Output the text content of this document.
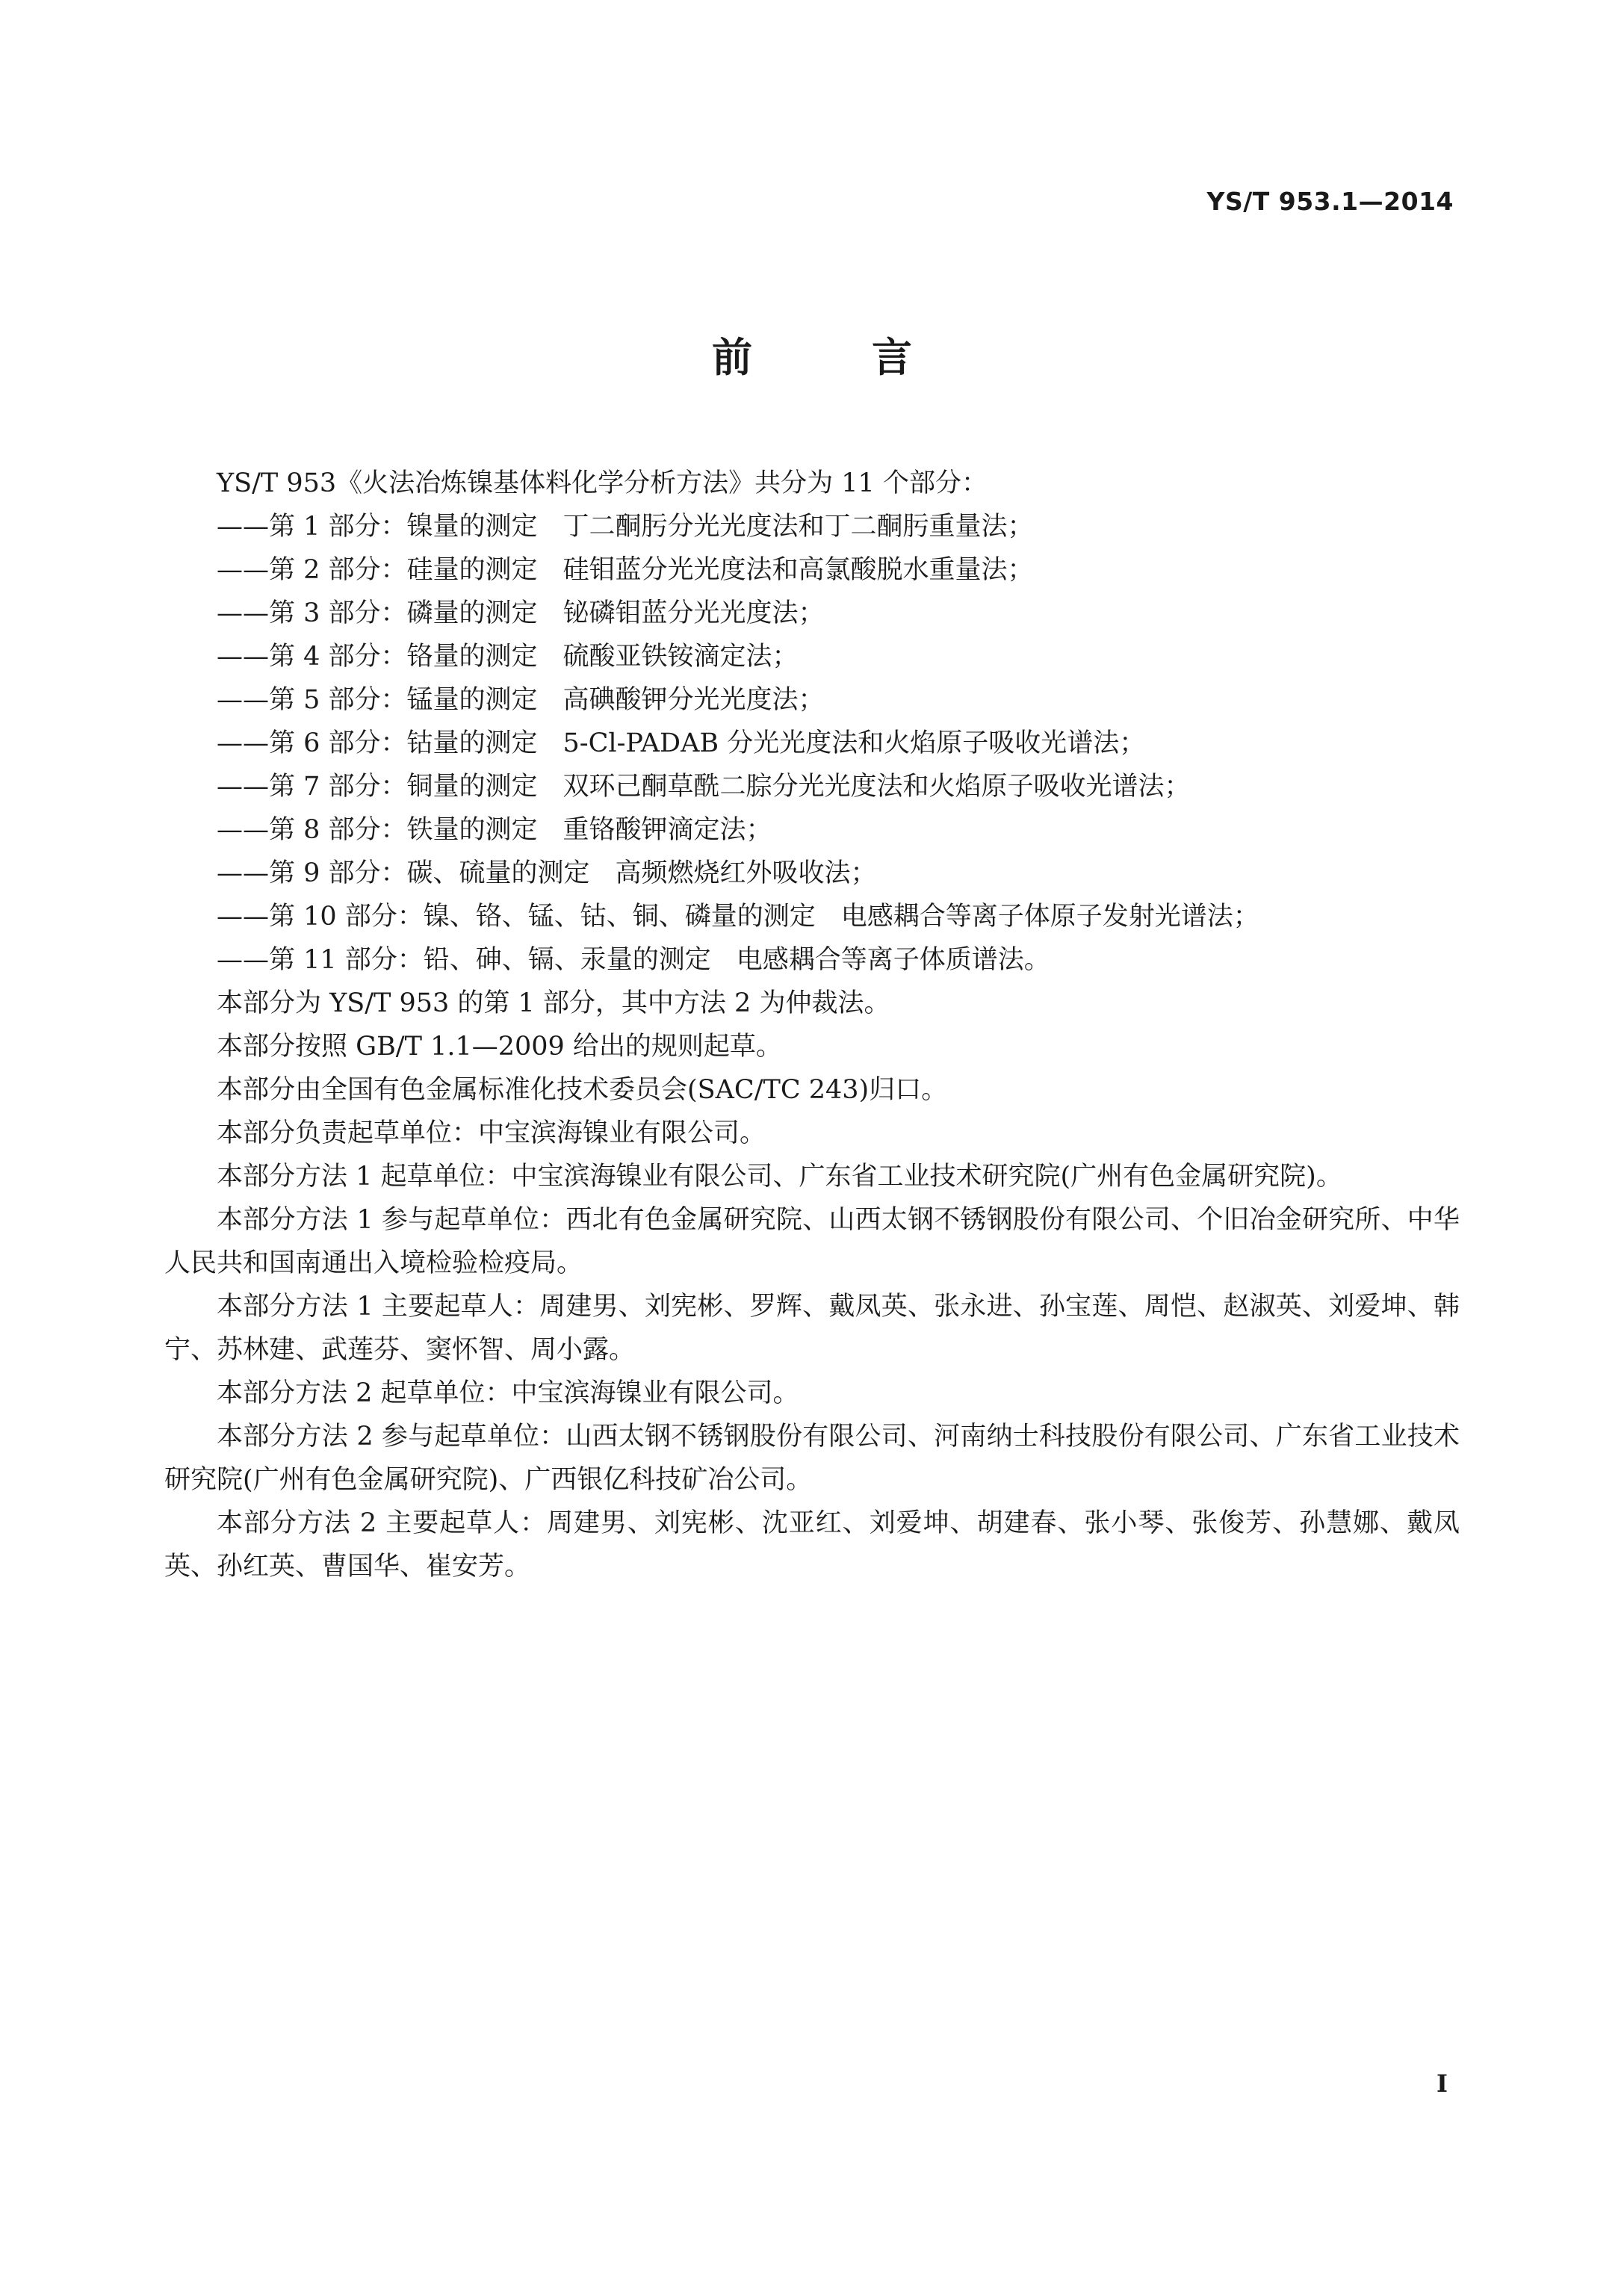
YS/T 953.1—2014
前言
YS/T 953《火法冶炼镍基体料化学分析方法》共分为 11 个部分：
——第 1 部分：镍量的测定 丁二酮肟分光光度法和丁二酮肟重量法；
——第 2 部分：硅量的测定 硅钼蓝分光光度法和高氯酸脱水重量法；
——第 3 部分：磷量的测定 铋磷钼蓝分光光度法；
——第 4 部分：铬量的测定 硫酸亚铁铵滴定法；
——第 5 部分：锰量的测定 高碘酸钾分光光度法；
——第 6 部分：钴量的测定 5-Cl-PADAB 分光光度法和火焰原子吸收光谱法；
——第 7 部分：铜量的测定 双环己酮草酰二腙分光光度法和火焰原子吸收光谱法；
——第 8 部分：铁量的测定 重铬酸钾滴定法；
——第 9 部分：碳、硫量的测定 高频燃烧红外吸收法；
——第 10 部分：镍、铬、锰、钴、铜、磷量的测定 电感耦合等离子体原子发射光谱法；
——第 11 部分：铅、砷、镉、汞量的测定 电感耦合等离子体质谱法。

本部分为 YS/T 953 的第 1 部分，其中方法 2 为仲裁法。

本部分按照 GB/T 1.1—2009 给出的规则起草。

本部分由全国有色金属标准化技术委员会(SAC/TC 243)归口。

本部分负责起草单位：中宝滨海镍业有限公司。

本部分方法 1 起草单位：中宝滨海镍业有限公司、广东省工业技术研究院(广州有色金属研究院)。

本部分方法 1 参与起草单位：西北有色金属研究院、山西太钢不锈钢股份有限公司、个旧冶金研究所、中华人民共和国南通出入境检验检疫局。

本部分方法 1 主要起草人：周建男、刘宪彬、罗辉、戴凤英、张永进、孙宝莲、周恺、赵淑英、刘爱坤、韩宁、苏林建、武莲芬、窦怀智、周小露。

本部分方法 2 起草单位：中宝滨海镍业有限公司。

本部分方法 2 参与起草单位：山西太钢不锈钢股份有限公司、河南纳士科技股份有限公司、广东省工业技术研究院(广州有色金属研究院)、广西银亿科技矿冶公司。

本部分方法 2 主要起草人：周建男、刘宪彬、沈亚红、刘爱坤、胡建春、张小琴、张俊芳、孙慧娜、戴凤英、孙红英、曹国华、崔安芳。

I
